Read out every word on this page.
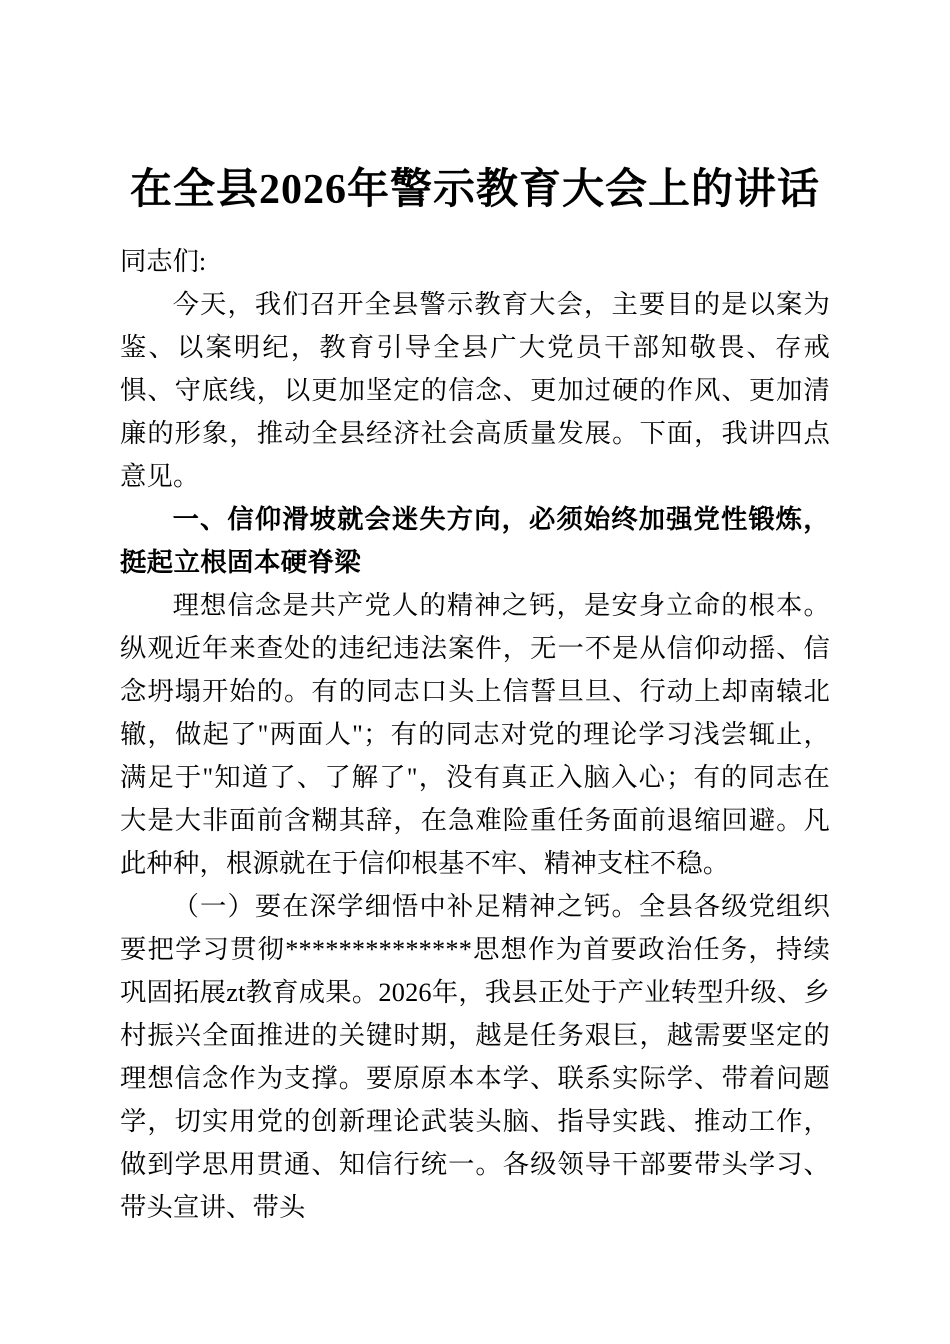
在全县2026年警示教育大会上的讲话

同志们:

今天，我们召开全县警示教育大会，主要目的是以案为鉴、以案明纪，教育引导全县广大党员干部知敬畏、存戒惧、守底线，以更加坚定的信念、更加过硬的作风、更加清廉的形象，推动全县经济社会高质量发展。下面，我讲四点意见。

一、信仰滑坡就会迷失方向，必须始终加强党性锻炼，挺起立根固本硬脊梁

理想信念是共产党人的精神之钙，是安身立命的根本。纵观近年来查处的违纪违法案件，无一不是从信仰动摇、信念坍塌开始的。有的同志口头上信誓旦旦、行动上却南辕北辙，做起了"两面人"；有的同志对党的理论学习浅尝辄止，满足于"知道了、了解了"，没有真正入脑入心；有的同志在大是大非面前含糊其辞，在急难险重任务面前退缩回避。凡此种种，根源就在于信仰根基不牢、精神支柱不稳。

（一）要在深学细悟中补足精神之钙。全县各级党组织要把学习贯彻**************思想作为首要政治任务，持续巩固拓展zt教育成果。2026年，我县正处于产业转型升级、乡村振兴全面推进的关键时期，越是任务艰巨，越需要坚定的理想信念作为支撑。要原原本本学、联系实际学、带着问题学，切实用党的创新理论武装头脑、指导实践、推动工作，做到学思用贯通、知信行统一。各级领导干部要带头学习、带头宣讲、带头
